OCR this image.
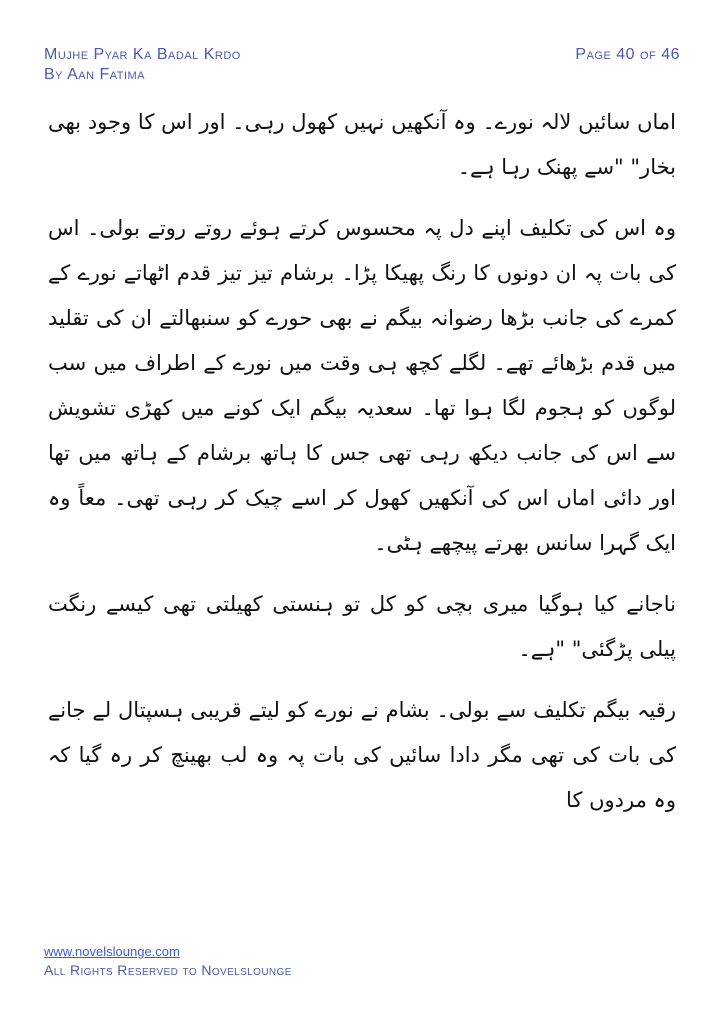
Mujhe Pyar Ka Badal Krdo
By Aan Fatima
Page 40 of 46

اماں سائیں لالہ نورے۔ وہ آنکھیں نہیں کھول رہی۔ اور اس کا وجود بھی بخار" "سے پھنک رہا ہے۔

وہ اس کی تکلیف اپنے دل پہ محسوس کرتے ہوئے روتے روتے بولی۔ اس کی بات پہ ان دونوں کا رنگ پھیکا پڑا۔ برشام تیز تیز قدم اٹھاتے نورے کے کمرے کی جانب بڑھا رضوانہ بیگم نے بھی حورے کو سنبھالتے ان کی تقلید میں قدم بڑھائے تھے۔ لگلے کچھ ہی وقت میں نورے کے اطراف میں سب لوگوں کو ہجوم لگا ہوا تھا۔ سعدیہ بیگم ایک کونے میں کھڑی تشویش سے اس کی جانب دیکھ رہی تھی جس کا ہاتھ برشام کے ہاتھ میں تھا اور دائی اماں اس کی آنکھیں کھول کر اسے چیک کر رہی تھی۔ معاً وہ ایک گہرا سانس بھرتے پیچھے ہٹی۔

ناجانے کیا ہوگیا میری بچی کو کل تو ہنستی کھیلتی تھی کیسے رنگت پیلی پڑگئی" "ہے۔

رقیہ بیگم تکلیف سے بولی۔ بشام نے نورے کو لیتے قریبی ہسپتال لے جانے کی بات کی تھی مگر دادا سائیں کی بات پہ وہ لب بھینچ کر رہ گیا کہ وہ مردوں کا

www.novelslounge.com
All Rights Reserved to Novelslounge
